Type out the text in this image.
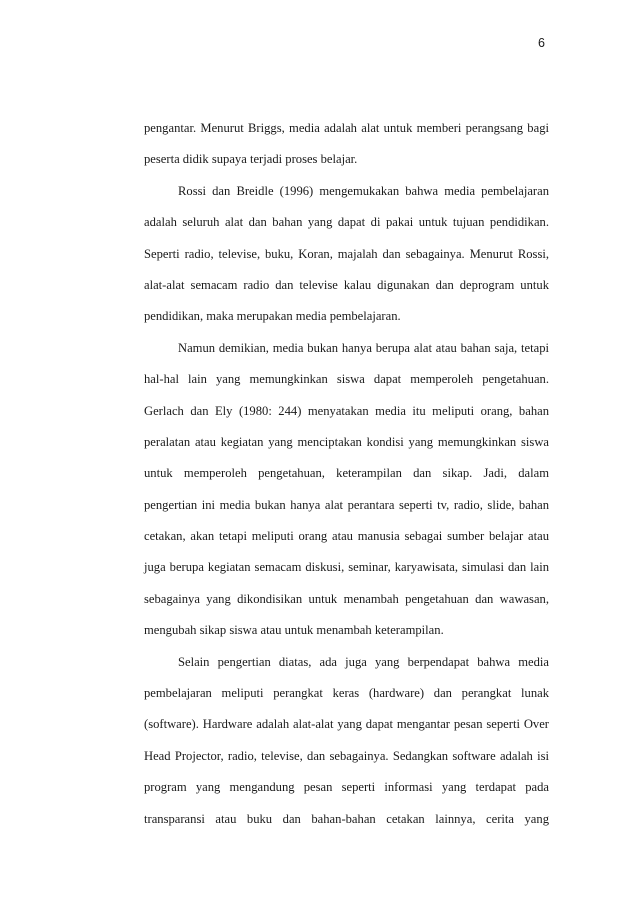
6
pengantar. Menurut Briggs, media adalah alat untuk memberi perangsang bagi
peserta didik supaya terjadi proses belajar.
Rossi dan Breidle (1996) mengemukakan bahwa media pembelajaran
adalah seluruh alat dan bahan yang dapat di pakai untuk tujuan pendidikan.
Seperti radio, televise, buku, Koran, majalah dan sebagainya. Menurut Rossi,
alat-alat semacam radio dan televise kalau digunakan dan deprogram untuk
pendidikan, maka merupakan media pembelajaran.
Namun demikian, media bukan hanya berupa alat atau bahan saja, tetapi
hal-hal lain yang memungkinkan siswa dapat memperoleh pengetahuan.
Gerlach dan Ely (1980: 244) menyatakan media itu meliputi orang, bahan
peralatan atau kegiatan yang menciptakan kondisi yang memungkinkan siswa
untuk memperoleh pengetahuan, keterampilan dan sikap. Jadi, dalam
pengertian ini media bukan hanya alat perantara seperti tv, radio, slide, bahan
cetakan, akan tetapi meliputi orang atau manusia sebagai sumber belajar atau
juga berupa kegiatan semacam diskusi, seminar, karyawisata, simulasi dan lain
sebagainya yang dikondisikan untuk menambah pengetahuan dan wawasan,
mengubah sikap siswa atau untuk menambah keterampilan.
Selain pengertian diatas, ada juga yang berpendapat bahwa media
pembelajaran meliputi perangkat keras (hardware) dan perangkat lunak
(software). Hardware adalah alat-alat yang dapat mengantar pesan seperti Over
Head Projector, radio, televise, dan sebagainya. Sedangkan software adalah isi
program yang mengandung pesan seperti informasi yang terdapat pada
transparansi atau buku dan bahan-bahan cetakan lainnya, cerita yang
